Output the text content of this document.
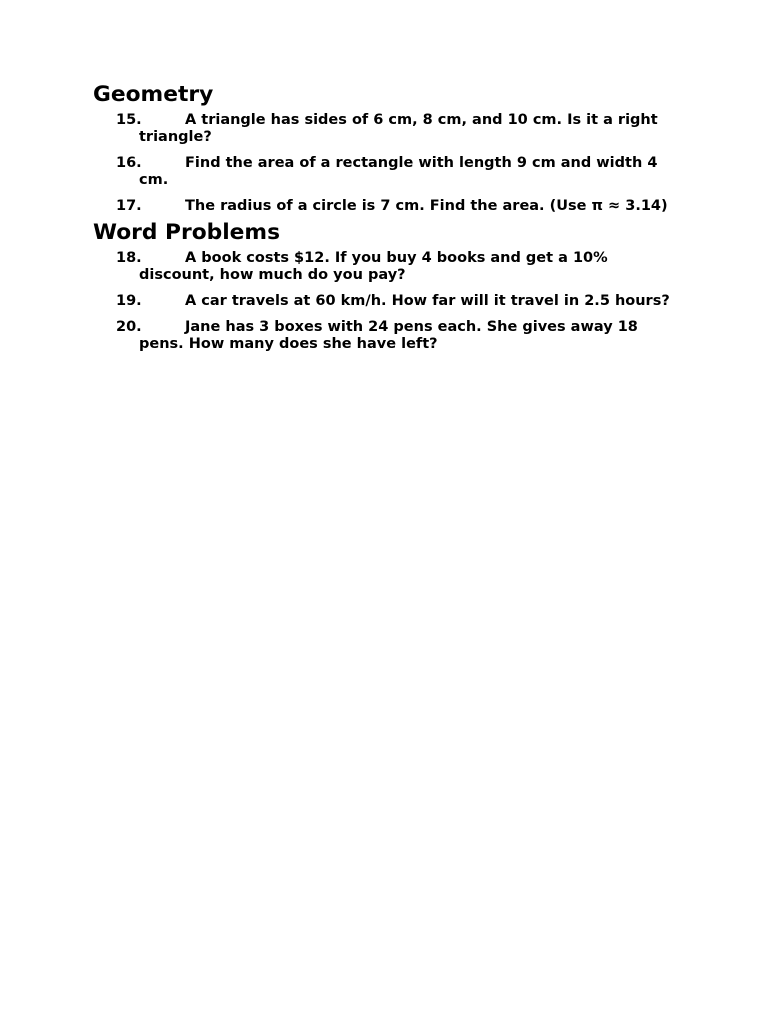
Geometry
15.	A triangle has sides of 6 cm, 8 cm, and 10 cm. Is it a right triangle?
16.	Find the area of a rectangle with length 9 cm and width 4 cm.
17.	The radius of a circle is 7 cm. Find the area. (Use π ≈ 3.14)
Word Problems
18.	A book costs $12. If you buy 4 books and get a 10% discount, how much do you pay?
19.	A car travels at 60 km/h. How far will it travel in 2.5 hours?
20.	Jane has 3 boxes with 24 pens each. She gives away 18 pens. How many does she have left?
